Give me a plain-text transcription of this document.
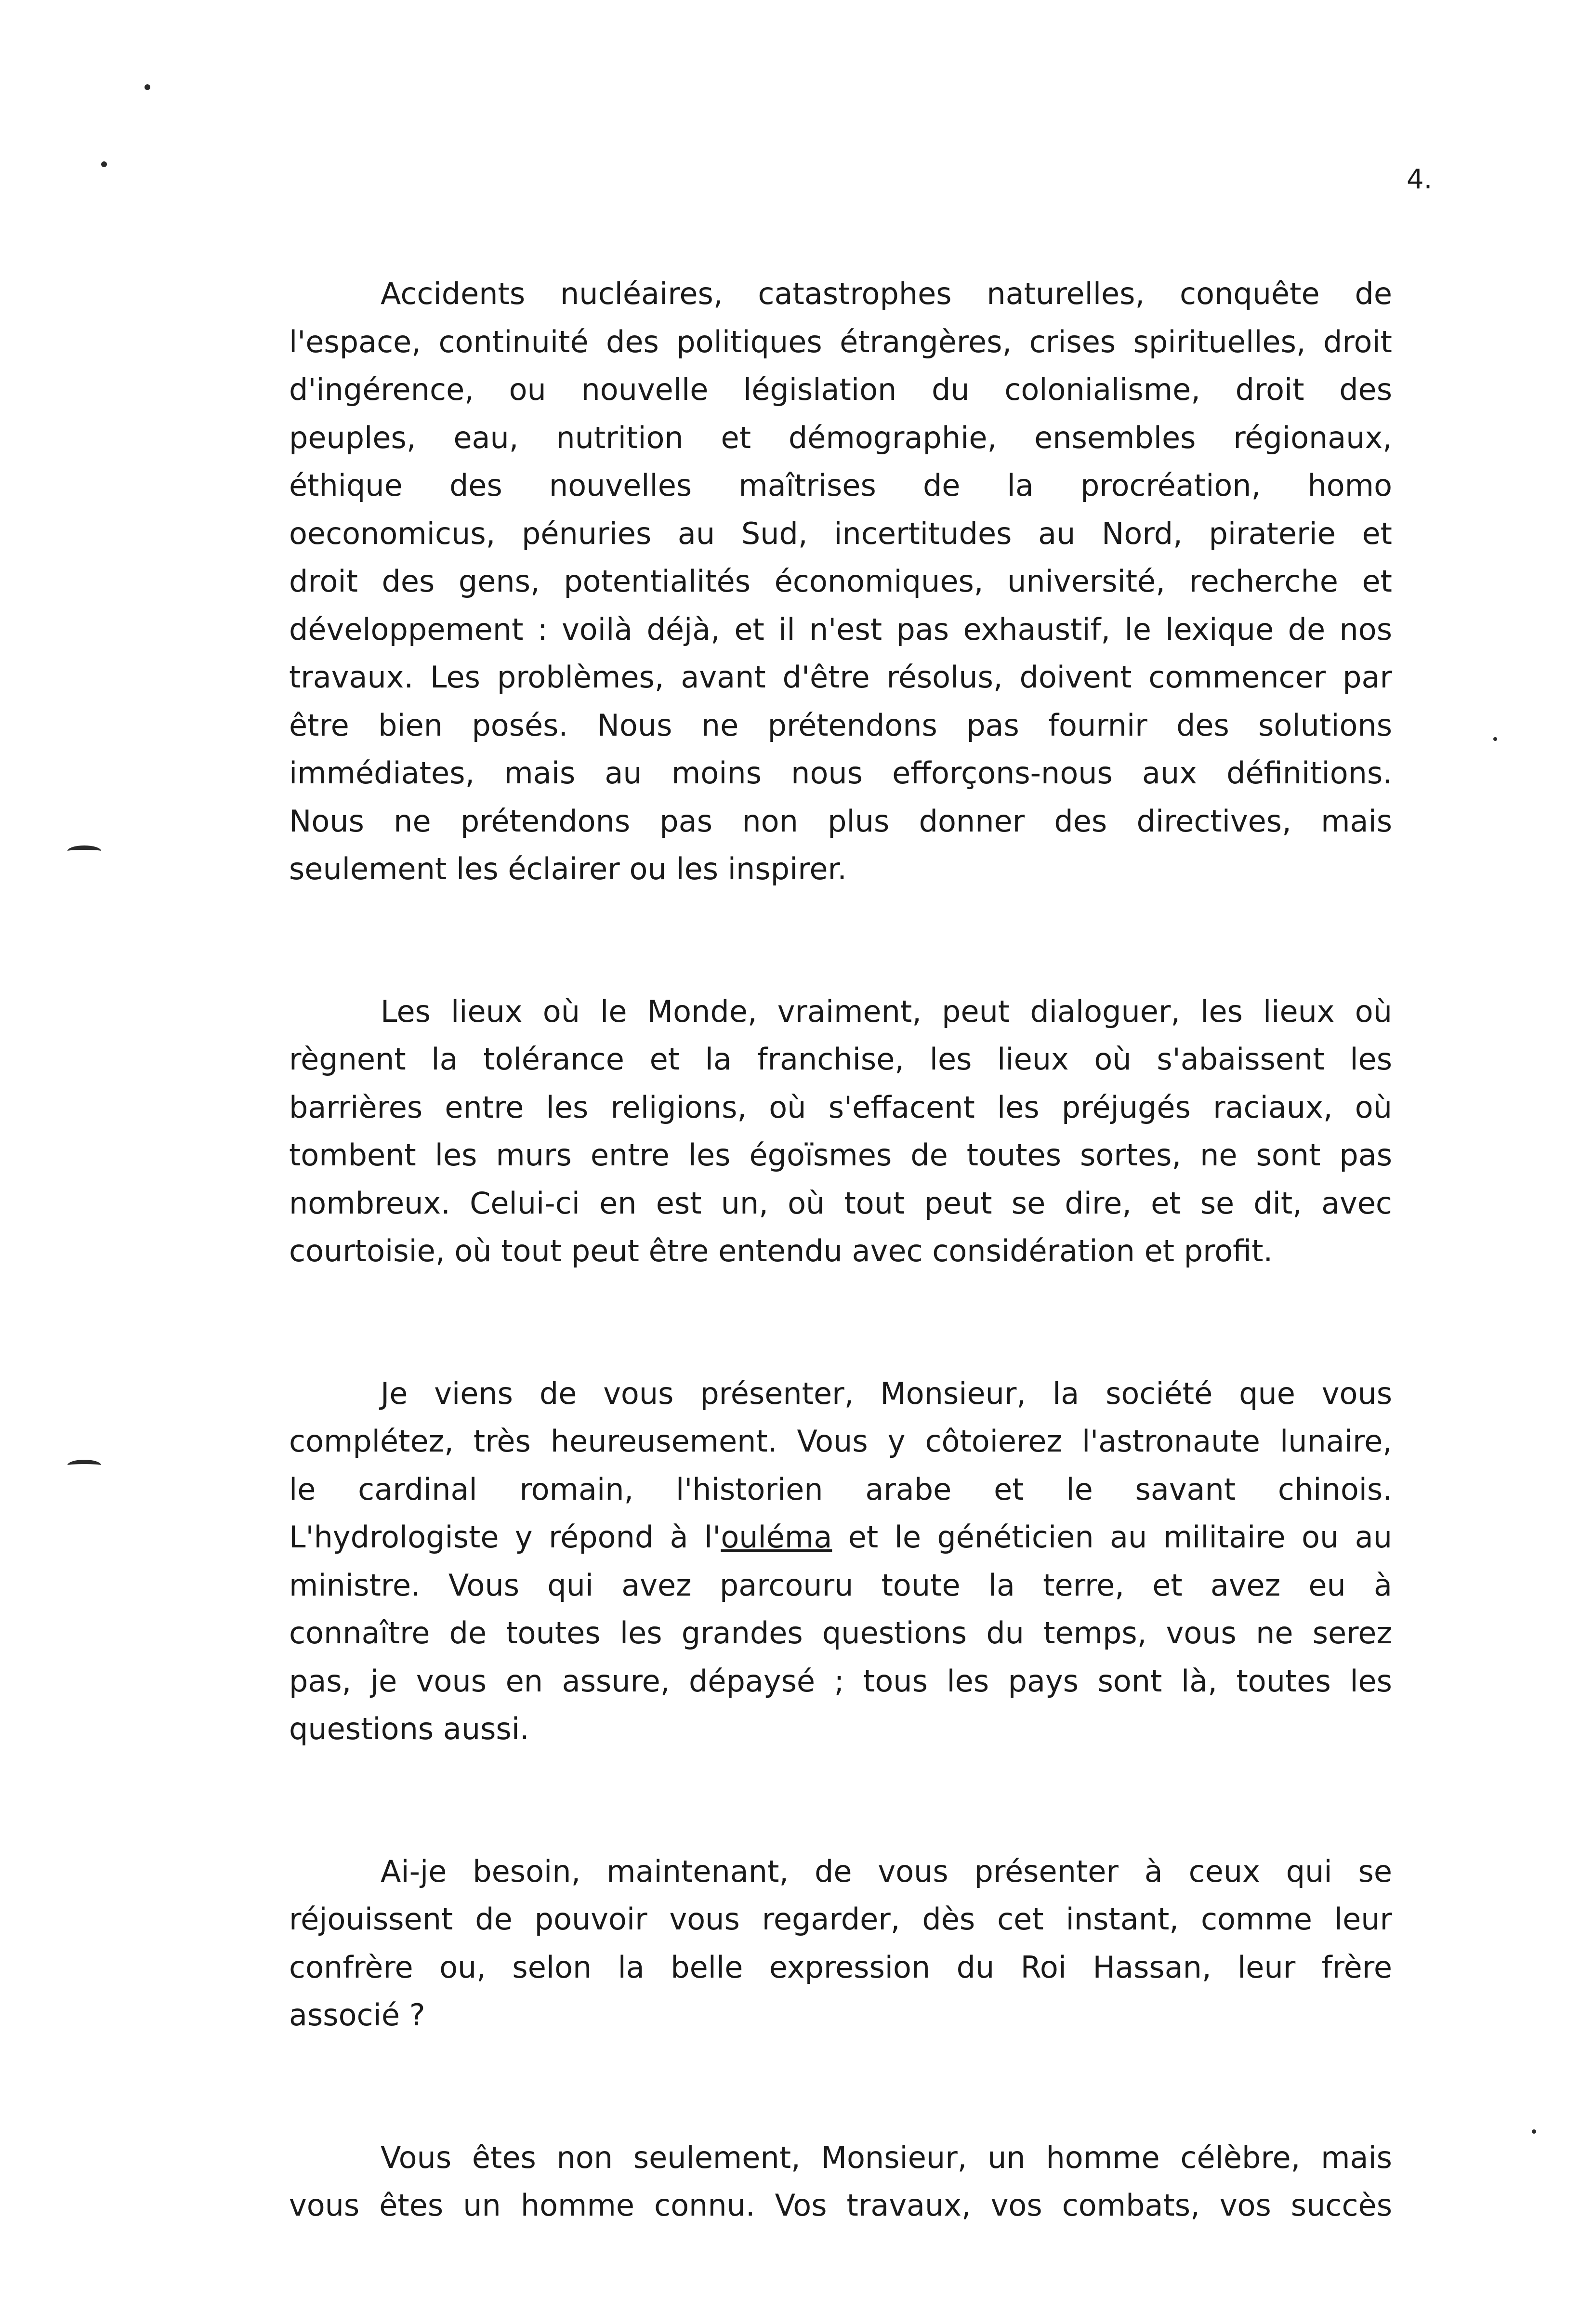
4.
Accidents nucléaires, catastrophes naturelles, conquête de
l'espace, continuité des politiques étrangères, crises spirituelles, droit
d'ingérence, ou nouvelle législation du colonialisme, droit des
peuples, eau, nutrition et démographie, ensembles régionaux,
éthique des nouvelles maîtrises de la procréation, homo
oeconomicus, pénuries au Sud, incertitudes au Nord, piraterie et
droit des gens, potentialités économiques, université, recherche et
développement : voilà déjà, et il n'est pas exhaustif, le lexique de nos
travaux. Les problèmes, avant d'être résolus, doivent commencer par
être bien posés. Nous ne prétendons pas fournir des solutions
immédiates, mais au moins nous efforçons-nous aux définitions.
Nous ne prétendons pas non plus donner des directives, mais
seulement les éclairer ou les inspirer.
Les lieux où le Monde, vraiment, peut dialoguer, les lieux où
règnent la tolérance et la franchise, les lieux où s'abaissent les
barrières entre les religions, où s'effacent les préjugés raciaux, où
tombent les murs entre les égoïsmes de toutes sortes, ne sont pas
nombreux. Celui-ci en est un, où tout peut se dire, et se dit, avec
courtoisie, où tout peut être entendu avec considération et profit.
Je viens de vous présenter, Monsieur, la société que vous
complétez, très heureusement. Vous y côtoierez l'astronaute lunaire,
le cardinal romain, l'historien arabe et le savant chinois.
L'hydrologiste y répond à l'ouléma et le généticien au militaire ou au
ministre. Vous qui avez parcouru toute la terre, et avez eu à
connaître de toutes les grandes questions du temps, vous ne serez
pas, je vous en assure, dépaysé ; tous les pays sont là, toutes les
questions aussi.
Ai-je besoin, maintenant, de vous présenter à ceux qui se
réjouissent de pouvoir vous regarder, dès cet instant, comme leur
confrère ou, selon la belle expression du Roi Hassan, leur frère
associé ?
Vous êtes non seulement, Monsieur, un homme célèbre, mais
vous êtes un homme connu. Vos travaux, vos combats, vos succès
